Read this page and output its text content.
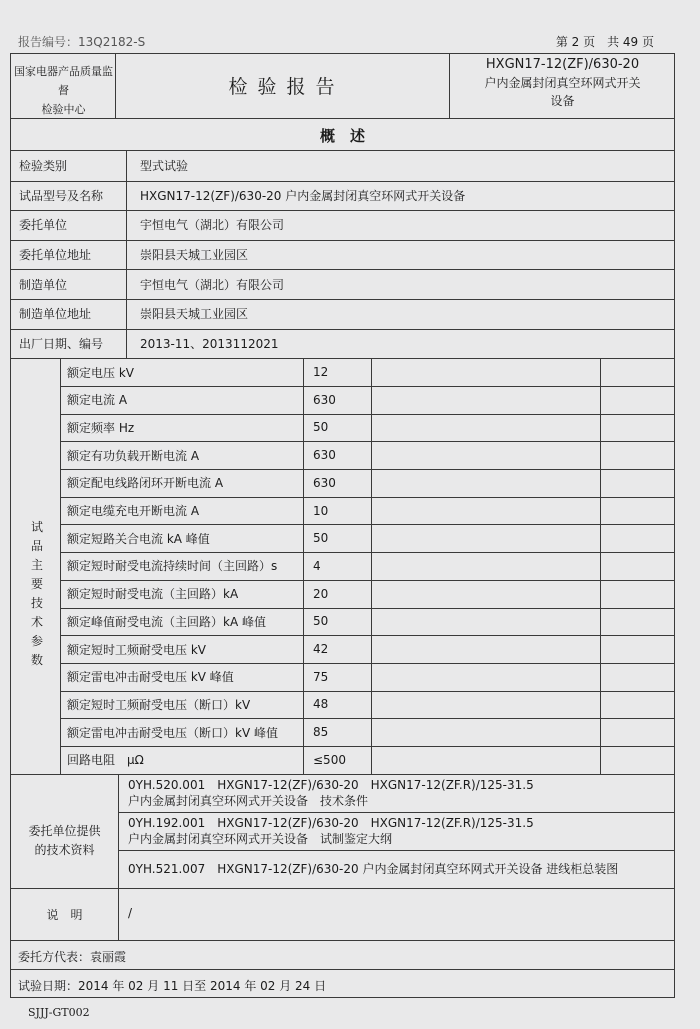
报告编号：13Q2182-S	第 2 页　共 49 页
国家电器产品质量监督
检验中心
检 验 报 告
HXGN17-12(ZF)/630-20
户内金属封闭真空环网式开关
设备
概　述
检验类别	型式试验
试品型号及名称	HXGN17-12(ZF)/630-20 户内金属封闭真空环网式开关设备
委托单位	宇恒电气（湖北）有限公司
委托单位地址	崇阳县天城工业园区
制造单位	宇恒电气（湖北）有限公司
制造单位地址	崇阳县天城工业园区
出厂日期、编号	2013-11、2013112021
额定电压 kV	12
额定电流 A	630
额定频率 Hz	50
额定有功负载开断电流 A	630
额定配电线路闭环开断电流 A	630
额定电缆充电开断电流 A	10
额定短路关合电流 kA 峰值	50
额定短时耐受电流持续时间（主回路）s	4
额定短时耐受电流（主回路）kA	20
额定峰值耐受电流（主回路）kA 峰值	50
额定短时工频耐受电压 kV	42
额定雷电冲击耐受电压 kV 峰值	75
额定短时工频耐受电压（断口）kV	48
额定雷电冲击耐受电压（断口）kV 峰值	85
回路电阻　μΩ	≤500
试品主要技术参数
0YH.520.001　HXGN17-12(ZF)/630-20　HXGN17-12(ZF.R)/125-31.5
户内金属封闭真空环网式开关设备　技术条件
0YH.192.001　HXGN17-12(ZF)/630-20　HXGN17-12(ZF.R)/125-31.5
户内金属封闭真空环网式开关设备　试制鉴定大纲
0YH.521.007　HXGN17-12(ZF)/630-20 户内金属封闭真空环网式开关设备 进线柜总装图
委托单位提供
的技术资料
说　明	/
委托方代表：袁丽霞
试验日期：2014 年 02 月 11 日至 2014 年 02 月 24 日
SJJJ-GT002
